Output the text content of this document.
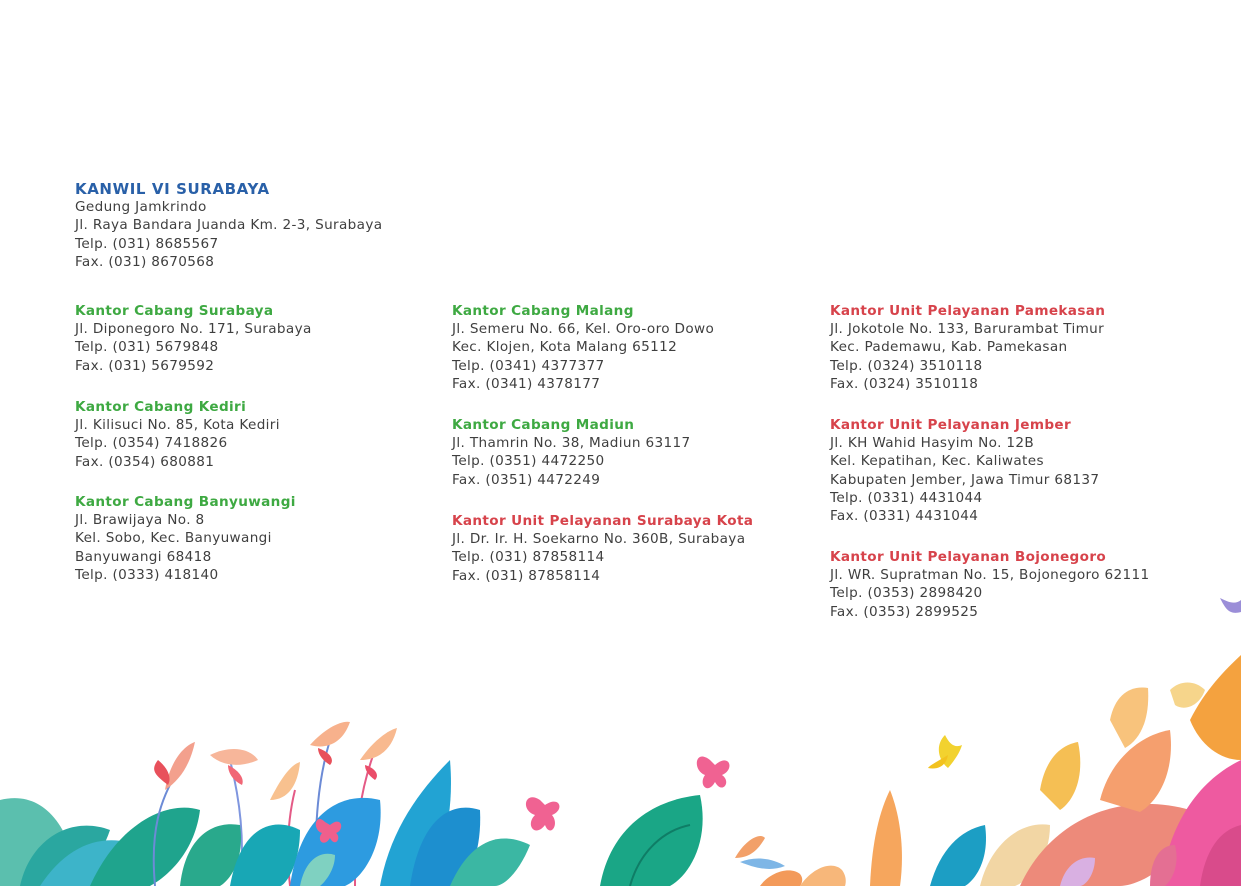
KANWIL VI SURABAYA
Gedung Jamkrindo
Jl. Raya Bandara Juanda Km. 2-3, Surabaya
Telp. (031) 8685567
Fax. (031) 8670568
Kantor Cabang Surabaya
Jl. Diponegoro No. 171, Surabaya
Telp. (031) 5679848
Fax. (031) 5679592
Kantor Cabang Kediri
Jl. Kilisuci No. 85, Kota Kediri
Telp. (0354) 7418826
Fax. (0354) 680881
Kantor Cabang Banyuwangi
Jl. Brawijaya No. 8
Kel. Sobo, Kec. Banyuwangi
Banyuwangi 68418
Telp. (0333) 418140
Kantor Cabang Malang
Jl. Semeru No. 66, Kel. Oro-oro Dowo
Kec. Klojen, Kota Malang 65112
Telp. (0341) 4377377
Fax. (0341) 4378177
Kantor Cabang Madiun
Jl. Thamrin No. 38, Madiun 63117
Telp. (0351) 4472250
Fax. (0351) 4472249
Kantor Unit Pelayanan Surabaya Kota
Jl. Dr. Ir. H. Soekarno No. 360B, Surabaya
Telp. (031) 87858114
Fax. (031) 87858114
Kantor Unit Pelayanan Pamekasan
Jl. Jokotole No. 133, Barurambat Timur
Kec. Pademawu, Kab. Pamekasan
Telp. (0324) 3510118
Fax. (0324) 3510118
Kantor Unit Pelayanan Jember
Jl. KH Wahid Hasyim No. 12B
Kel. Kepatihan, Kec. Kaliwates
Kabupaten Jember, Jawa Timur 68137
Telp. (0331) 4431044
Fax. (0331) 4431044
Kantor Unit Pelayanan Bojonegoro
Jl. WR. Supratman No. 15, Bojonegoro 62111
Telp. (0353) 2898420
Fax. (0353) 2899525
